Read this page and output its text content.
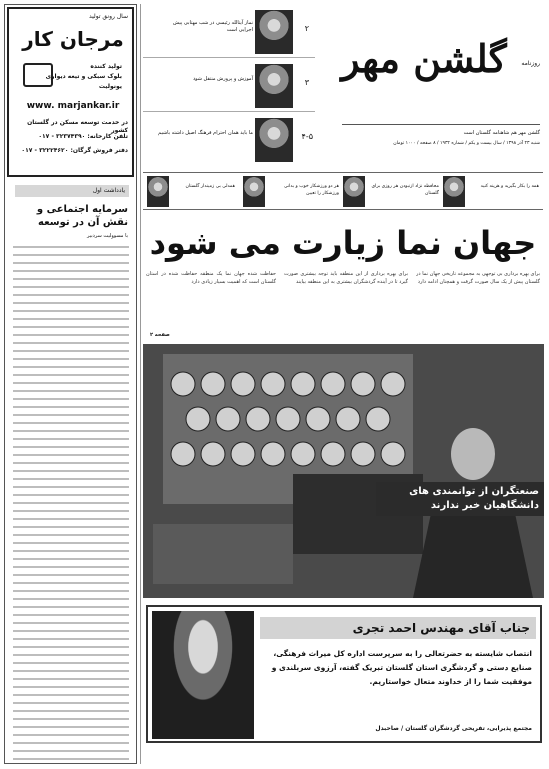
سال رونق تولید
مرجان کار
تولید کننده
بلوک سبکی و تیغه دیواری
یونولیت
www. marjankar.ir
در خدمت توسعه مسکن در گلستان کشور
تلفن کارخانه: ۳۲۳۷۴۳۹۰ - ۰۱۷
دفتر فروش گرگان: ۳۲۲۲۴۶۲۰ - ۰۱۷
یادداشت اول
سرمایه اجتماعی و نقش آن در توسعه
با مسوولیت سردبیر
نماز آیتالله رئیسی در شب مهتابی پیش اجرایی است	۲
آموزش و پرورش منتقل شود	۳
ما باید همان احترام فرهنگ اصیل داشته باشیم	۴-۵
روزنامه
گلشن مهر
گلشن مهر هم شاهنامه گلستان است
شنبه ۲۳ آذر ۱۳۹۸ / سال بیست و یکم / شماره ۱۹۳۲ / ۸ صفحه / ۱۰۰۰ تومان
همدلی بی زمیندار گلستان	هر دو ورزشکار خوب و بدانی ورزشکار را تعیین
محافظه نژاد ازنبودن هر روزی برای گلستان
همه را بکار بگیرید و هزینه کنید
جهان نما زیارت می شود
برای بهره برداری بی توجهی به مجموعه تاریخی جهان نما در گلستان پیش از یک سال صورت گرفت و همچنان ادامه دارد
برای بهره برداری از این منطقه باید توجه بیشتری صورت گیرد تا در آینده گردشگران بیشتری به این منطقه بیایند
حفاظت شده جهان نما یک منطقه حفاظت شده در استان گلستان است که اهمیت بسیار زیادی دارد
صفحه ۲
صنعتگران از توانمندی های
دانشگاهیان خبر ندارند
جناب آقای مهندس احمد تجری
انتصاب شایسته به حضرتعالی را به سرپرست اداره کل میراث فرهنگی، صنایع دستی و گردشگری استان گلستان تبریک گفته، آرزوی سربلندی و موفقیت شما را از خداوند متعال خواستاریم.
مجتمع پذیرایی، تفریحی گردشگران گلستان / صاحبدل
